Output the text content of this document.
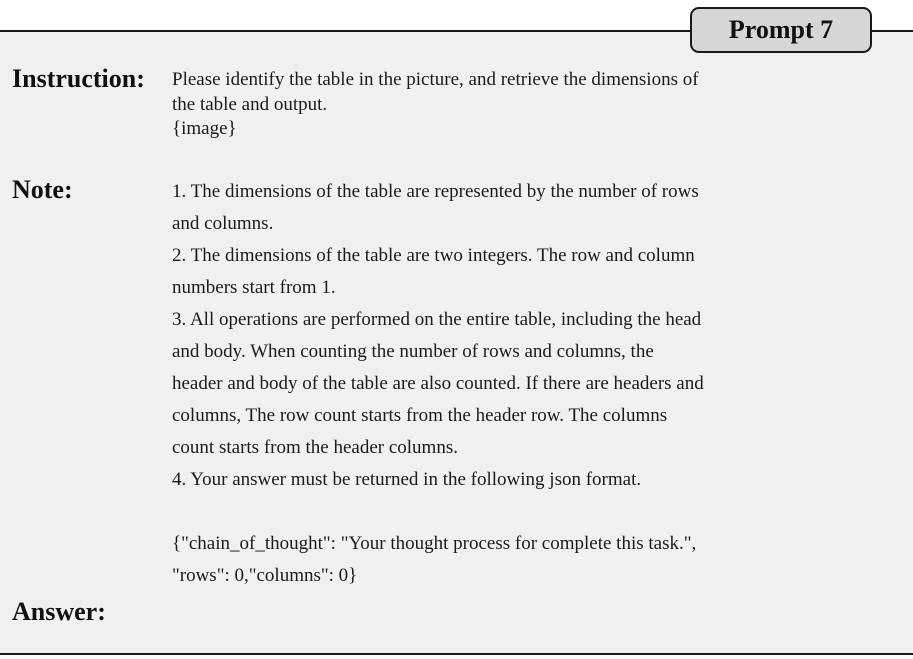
Prompt 7
Instruction: Please identify the table in the picture, and retrieve the dimensions of
the table and output.
{image}
Note:	1. The dimensions of the table are represented by the number of rows
and columns.
2. The dimensions of the table are two integers. The row and column
numbers start from 1.
3. All operations are performed on the entire table, including the head
and body. When counting the number of rows and columns, the
header and body of the table are also counted. If there are headers and
columns, The row count starts from the header row. The columns
count starts from the header columns.
4. Your answer must be returned in the following json format.

{"chain_of_thought": "Your thought process for complete this task.",
"rows": 0,"columns": 0}
Answer:
